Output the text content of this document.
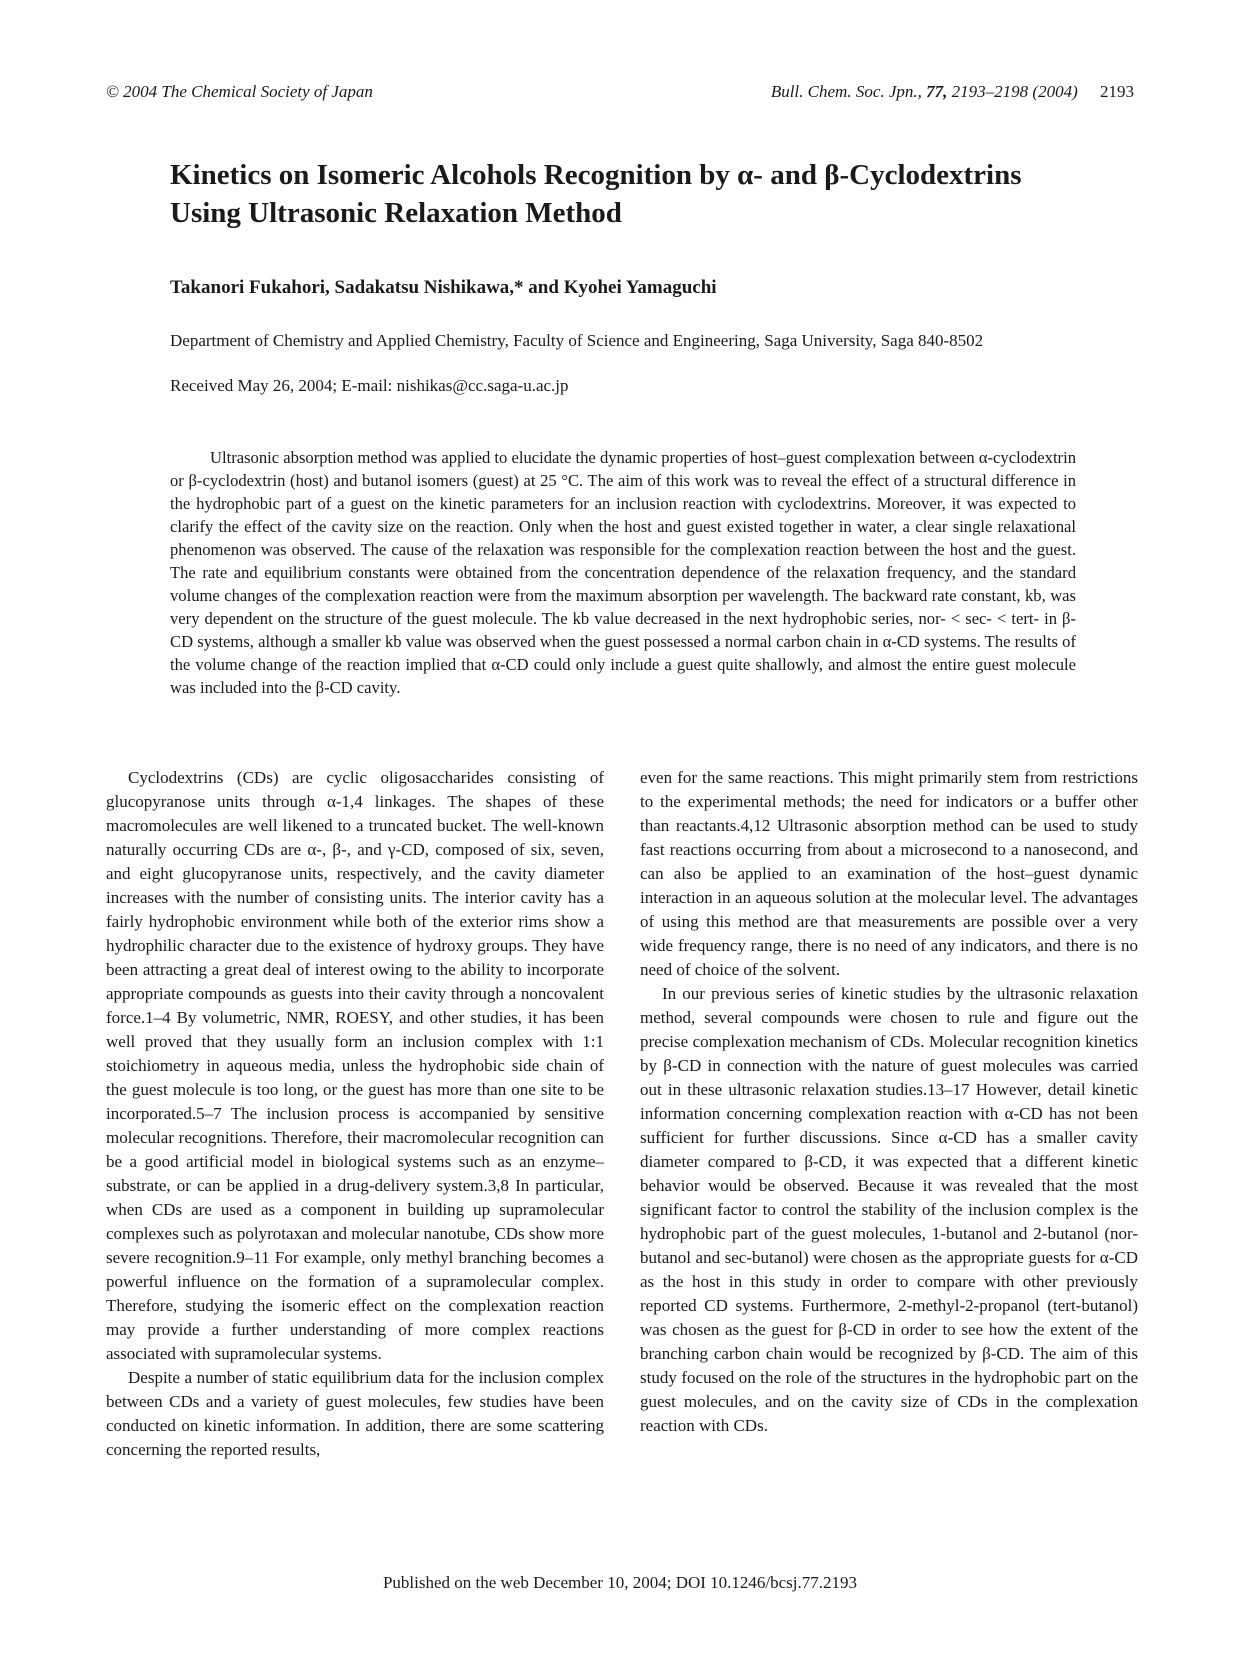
© 2004 The Chemical Society of Japan	Bull. Chem. Soc. Jpn., 77, 2193–2198 (2004) 2193
Kinetics on Isomeric Alcohols Recognition by α- and β-Cyclodextrins
Using Ultrasonic Relaxation Method
Takanori Fukahori, Sadakatsu Nishikawa,* and Kyohei Yamaguchi
Department of Chemistry and Applied Chemistry, Faculty of Science and Engineering, Saga University, Saga 840-8502
Received May 26, 2004; E-mail: nishikas@cc.saga-u.ac.jp

Ultrasonic absorption method was applied to elucidate the dynamic properties of host–guest complexation between α-cyclodextrin or β-cyclodextrin (host) and butanol isomers (guest) at 25 °C. The aim of this work was to reveal the effect of a structural difference in the hydrophobic part of a guest on the kinetic parameters for an inclusion reaction with cyclodextrins. Moreover, it was expected to clarify the effect of the cavity size on the reaction. Only when the host and guest existed together in water, a clear single relaxational phenomenon was observed. The cause of the relaxation was responsible for the complexation reaction between the host and the guest. The rate and equilibrium constants were obtained from the concentration dependence of the relaxation frequency, and the standard volume changes of the complexation reaction were from the maximum absorption per wavelength. The backward rate constant, kb, was very dependent on the structure of the guest molecule. The kb value decreased in the next hydrophobic series, nor- < sec- < tert- in β-CD systems, although a smaller kb value was observed when the guest possessed a normal carbon chain in α-CD systems. The results of the volume change of the reaction implied that α-CD could only include a guest quite shallowly, and almost the entire guest molecule was included into the β-CD cavity.

Cyclodextrins (CDs) are cyclic oligosaccharides consisting of glucopyranose units through α-1,4 linkages. The shapes of these macromolecules are well likened to a truncated bucket. The well-known naturally occurring CDs are α-, β-, and γ-CD, composed of six, seven, and eight glucopyranose units, respectively, and the cavity diameter increases with the number of consisting units. The interior cavity has a fairly hydrophobic environment while both of the exterior rims show a hydrophilic character due to the existence of hydroxy groups. They have been attracting a great deal of interest owing to the ability to incorporate appropriate compounds as guests into their cavity through a noncovalent force.1–4 By volumetric, NMR, ROESY, and other studies, it has been well proved that they usually form an inclusion complex with 1:1 stoichiometry in aqueous media, unless the hydrophobic side chain of the guest molecule is too long, or the guest has more than one site to be incorporated.5–7 The inclusion process is accompanied by sensitive molecular recognitions. Therefore, their macromolecular recognition can be a good artificial model in biological systems such as an enzyme–substrate, or can be applied in a drug-delivery system.3,8 In particular, when CDs are used as a component in building up supramolecular complexes such as polyrotaxan and molecular nanotube, CDs show more severe recognition.9–11 For example, only methyl branching becomes a powerful influence on the formation of a supramolecular complex. Therefore, studying the isomeric effect on the complexation reaction may provide a further understanding of more complex reactions associated with supramolecular systems.

Despite a number of static equilibrium data for the inclusion complex between CDs and a variety of guest molecules, few studies have been conducted on kinetic information. In addition, there are some scattering concerning the reported results,

even for the same reactions. This might primarily stem from restrictions to the experimental methods; the need for indicators or a buffer other than reactants.4,12 Ultrasonic absorption method can be used to study fast reactions occurring from about a microsecond to a nanosecond, and can also be applied to an examination of the host–guest dynamic interaction in an aqueous solution at the molecular level. The advantages of using this method are that measurements are possible over a very wide frequency range, there is no need of any indicators, and there is no need of choice of the solvent.

In our previous series of kinetic studies by the ultrasonic relaxation method, several compounds were chosen to rule and figure out the precise complexation mechanism of CDs. Molecular recognition kinetics by β-CD in connection with the nature of guest molecules was carried out in these ultrasonic relaxation studies.13–17 However, detail kinetic information concerning complexation reaction with α-CD has not been sufficient for further discussions. Since α-CD has a smaller cavity diameter compared to β-CD, it was expected that a different kinetic behavior would be observed. Because it was revealed that the most significant factor to control the stability of the inclusion complex is the hydrophobic part of the guest molecules, 1-butanol and 2-butanol (nor-butanol and sec-butanol) were chosen as the appropriate guests for α-CD as the host in this study in order to compare with other previously reported CD systems. Furthermore, 2-methyl-2-propanol (tert-butanol) was chosen as the guest for β-CD in order to see how the extent of the branching carbon chain would be recognized by β-CD. The aim of this study focused on the role of the structures in the hydrophobic part on the guest molecules, and on the cavity size of CDs in the complexation reaction with CDs.

Published on the web December 10, 2004; DOI 10.1246/bcsj.77.2193
